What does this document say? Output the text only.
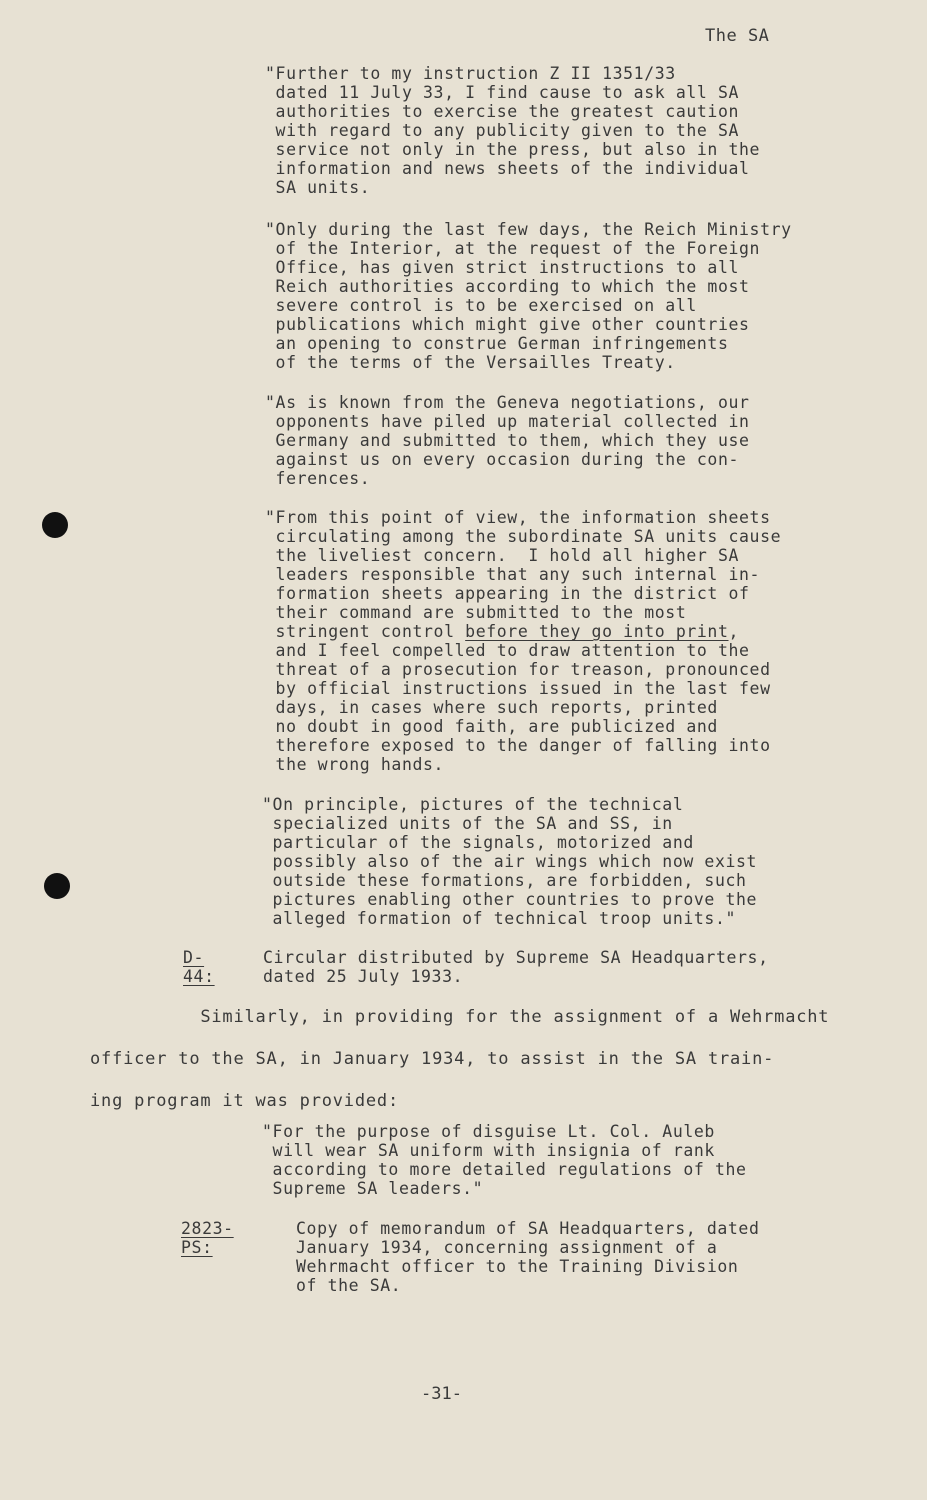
The SA
"Further to my instruction Z II 1351/33
dated 11 July 33, I find cause to ask all SA
authorities to exercise the greatest caution
with regard to any publicity given to the SA
service not only in the press, but also in the
information and news sheets of the individual
SA units.
"Only during the last few days, the Reich Ministry
of the Interior, at the request of the Foreign
Office, has given strict instructions to all
Reich authorities according to which the most
severe control is to be exercised on all
publications which might give other countries
an opening to construe German infringements
of the terms of the Versailles Treaty.
"As is known from the Geneva negotiations, our
opponents have piled up material collected in
Germany and submitted to them, which they use
against us on every occasion during the con-
ferences.
"From this point of view, the information sheets
circulating among the subordinate SA units cause
the liveliest concern.  I hold all higher SA
leaders responsible that any such internal in-
formation sheets appearing in the district of
their command are submitted to the most
stringent control before they go into print,
and I feel compelled to draw attention to the
threat of a prosecution for treason, pronounced
by official instructions issued in the last few
days, in cases where such reports, printed
no doubt in good faith, are publicized and
therefore exposed to the danger of falling into
the wrong hands.
"On principle, pictures of the technical
specialized units of the SA and SS, in
particular of the signals, motorized and
possibly also of the air wings which now exist
outside these formations, are forbidden, such
pictures enabling other countries to prove the
alleged formation of technical troop units."
D-44:
Circular distributed by Supreme SA Headquarters,
dated 25 July 1933.
Similarly, in providing for the assignment of a Wehrmacht
officer to the SA, in January 1934, to assist in the SA train-
ing program it was provided:
"For the purpose of disguise Lt. Col. Auleb
will wear SA uniform with insignia of rank
according to more detailed regulations of the
Supreme SA leaders."
2823-PS:
Copy of memorandum of SA Headquarters, dated
January 1934, concerning assignment of a
Wehrmacht officer to the Training Division
of the SA.
-31-
